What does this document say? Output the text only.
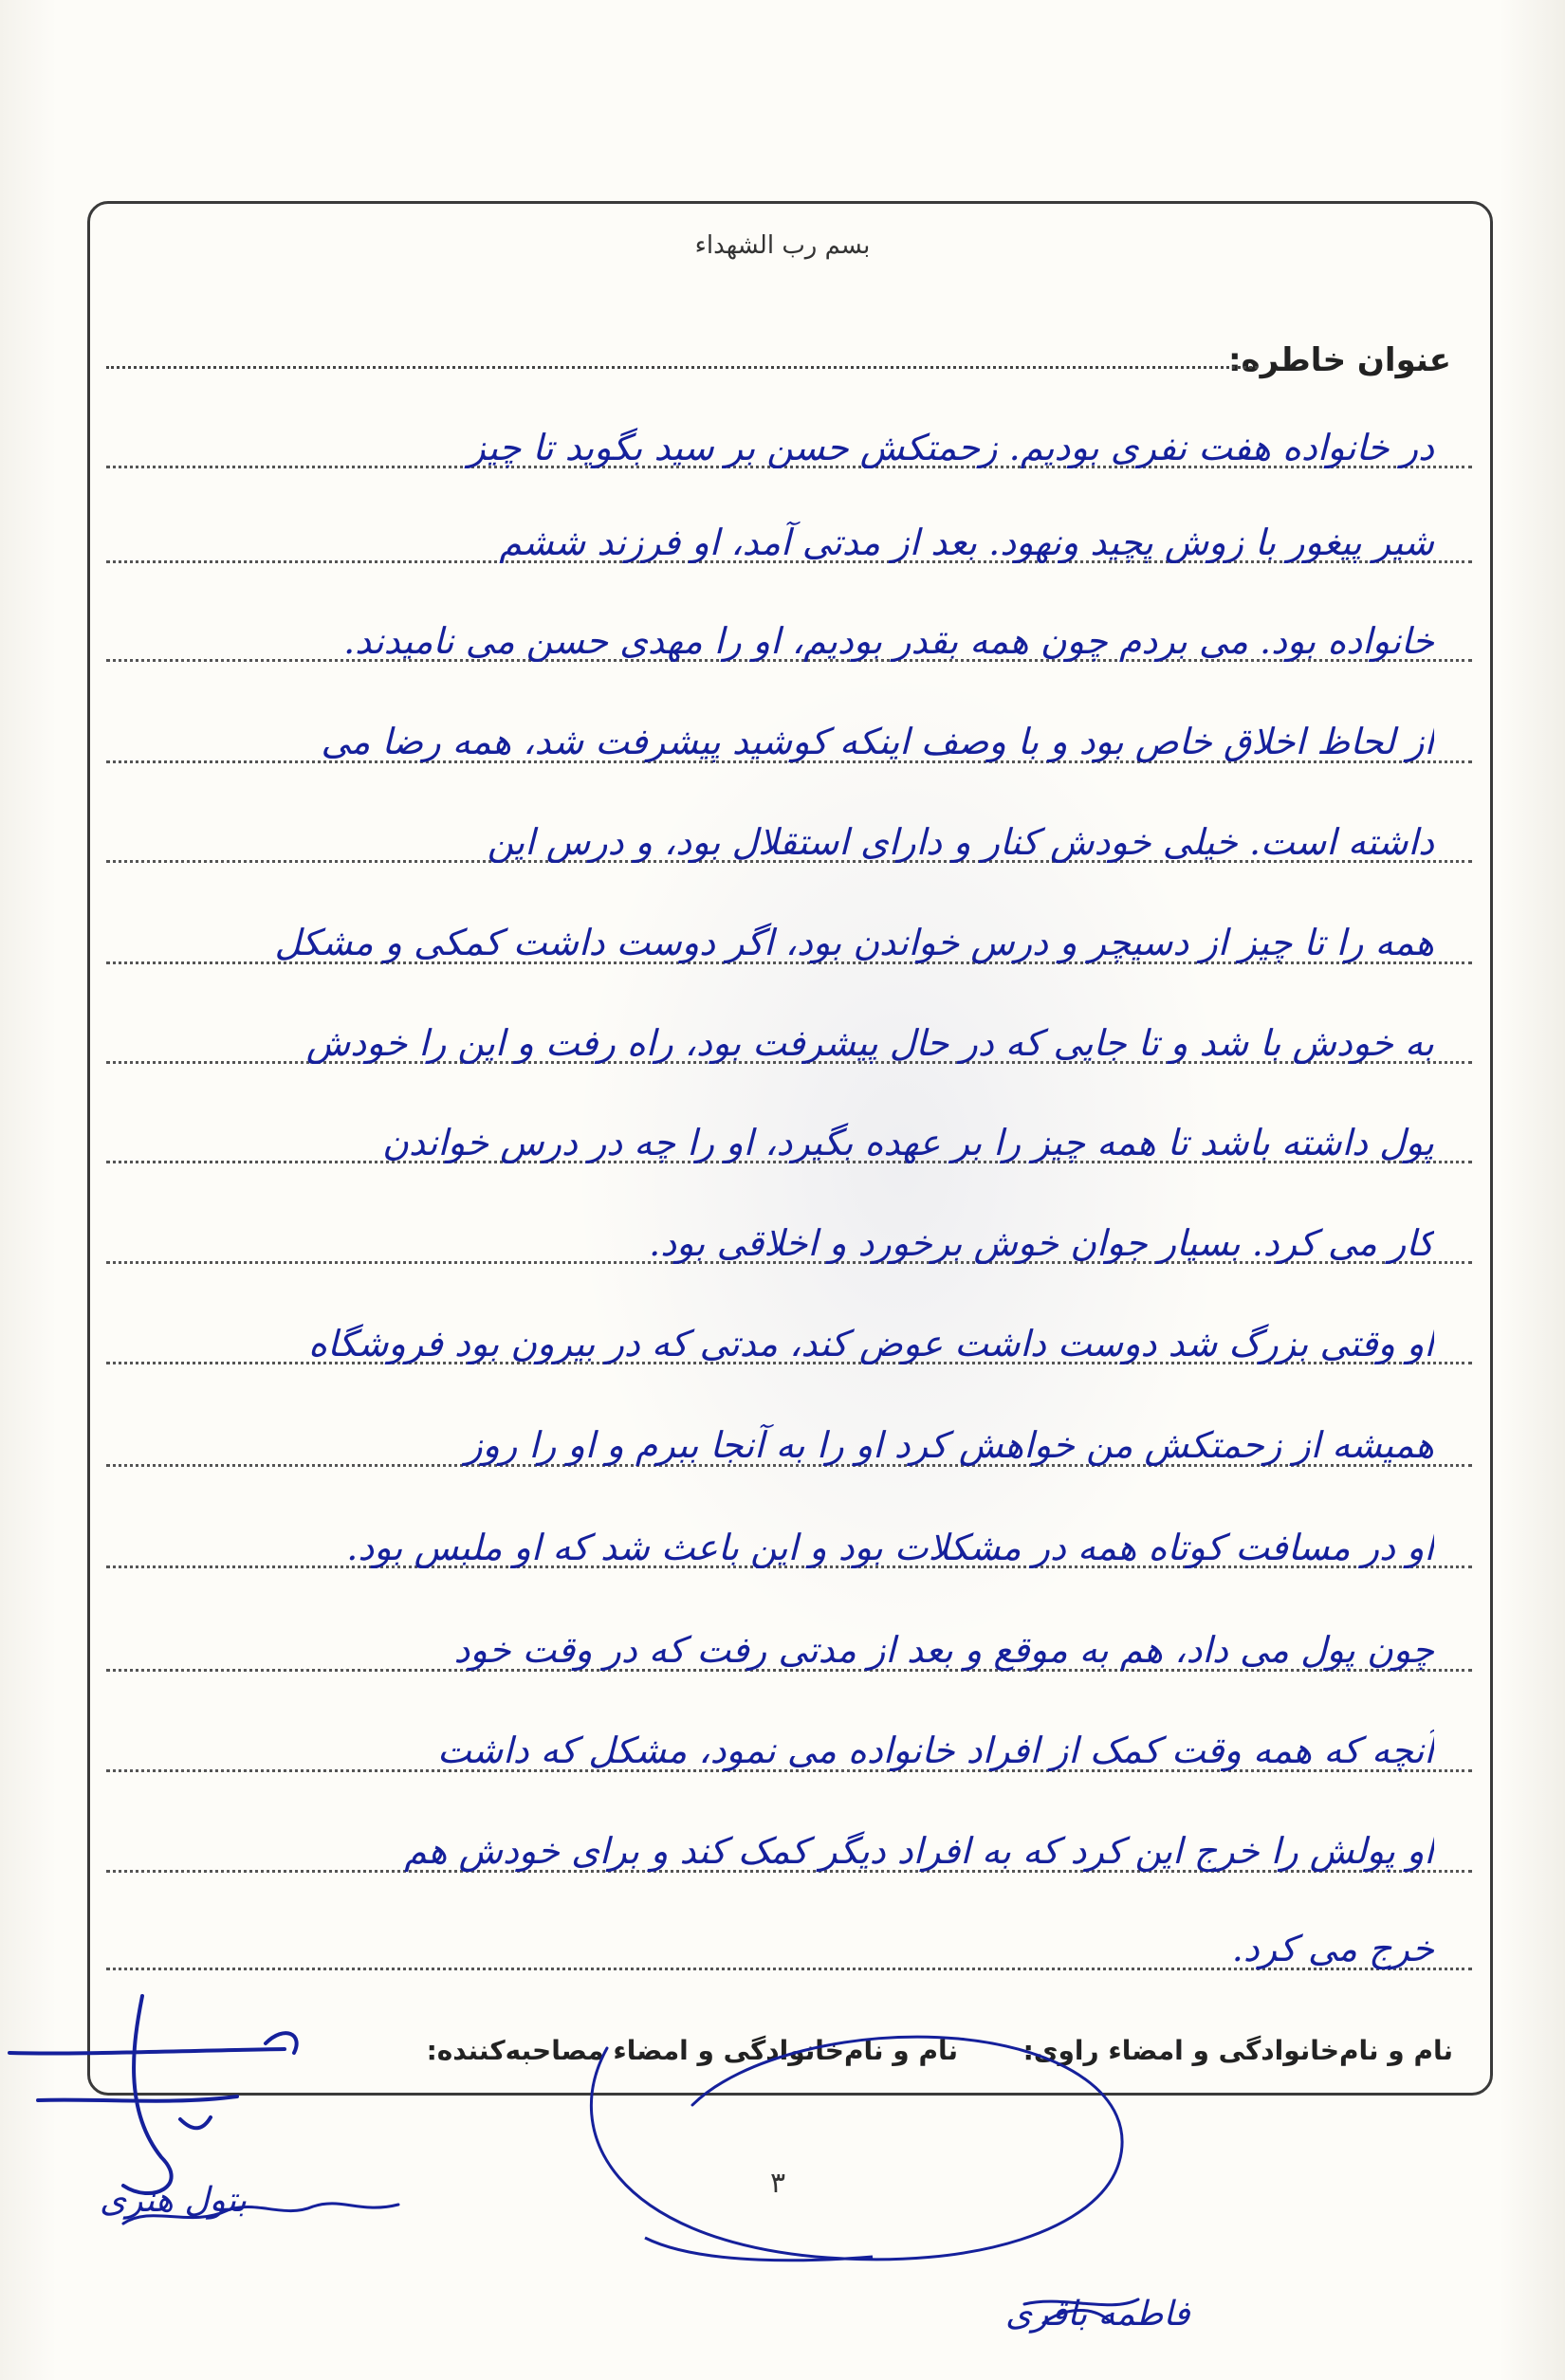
بسم رب الشهداء
عنوان خاطره:
در خانواده هفت نفری بودیم. زحمتکش حسن بر سید بگوید تا چیز
شیر پیغور با زوش پچید ونهود. بعد از مدتی آمد، او فرزند ششم
خانواده بود. می بردم چون همه بقدر بودیم، او را مهدی حسن می نامیدند.
از لحاظ اخلاق خاص بود و با وصف اینکه کوشید پیشرفت شد، همه رضا می
داشته است. خیلی خودش کنار و دارای استقلال بود، و درس این
همه را تا چیز از دسیچر و درس خواندن بود، اگر دوست داشت کمکی و مشکل
به خودش با شد و تا جایی که در حال پیشرفت بود، راه رفت و این را خودش
پول داشته باشد تا همه چیز را بر عهده بگیرد، او را چه در درس خواندن
کار می کرد. بسیار جوان خوش برخورد و اخلاقی بود.
او وقتی بزرگ شد دوست داشت عوض کند، مدتی که در بیرون بود فروشگاه
همیشه از زحمتکش من خواهش کرد او را به آنجا ببرم و او را روز
او در مسافت کوتاه همه در مشکلات بود و این باعث شد که او ملبس بود.
چون پول می داد، هم به موقع و بعد از مدتی رفت که در وقت خود
آنچه که همه وقت کمک از افراد خانواده می نمود، مشکل که داشت
او پولش را خرج این کرد که به افراد دیگر کمک کند و برای خودش هم
خرج می کرد.
نام و نام‌خانوادگی و امضاء راوی:
نام و نام‌خانوادگی و امضاء مصاحبه‌کننده:
۳
بتول هنری
فاطمه باقری
